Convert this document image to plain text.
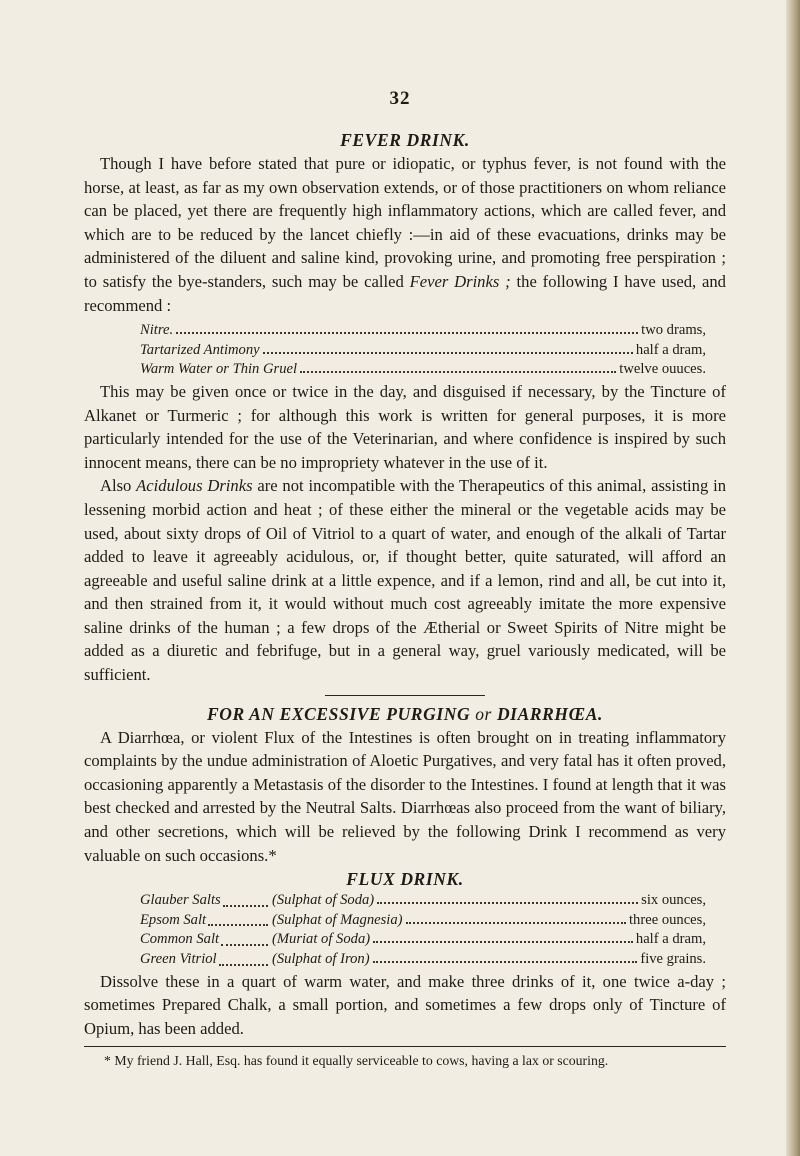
32
FEVER DRINK.

Though I have before stated that pure or idiopatic, or typhus fever, is not found with the horse, at least, as far as my own observation extends, or of those practitioners on whom reliance can be placed, yet there are frequently high inflammatory actions, which are called fever, and which are to be reduced by the lancet chiefly :—in aid of these evacuations, drinks may be administered of the diluent and saline kind, provoking urine, and promoting free perspiration ; to satisfy the bye-standers, such may be called Fever Drinks ; the following I have used, and recommend :

Nitre.	two drams,
Tartarized Antimony	half a dram,
Warm Water or Thin Gruel	twelve ouuces.

This may be given once or twice in the day, and disguised if necessary, by the Tincture of Alkanet or Turmeric ; for although this work is written for general purposes, it is more particularly intended for the use of the Veterinarian, and where confidence is inspired by such innocent means, there can be no impropriety whatever in the use of it.

Also Acidulous Drinks are not incompatible with the Therapeutics of this animal, assisting in lessening morbid action and heat ; of these either the mineral or the vegetable acids may be used, about sixty drops of Oil of Vitriol to a quart of water, and enough of the alkali of Tartar added to leave it agreeably acidulous, or, if thought better, quite saturated, will afford an agreeable and useful saline drink at a little expence, and if a lemon, rind and all, be cut into it, and then strained from it, it would without much cost agreeably imitate the more expensive saline drinks of the human ; a few drops of the Ætherial or Sweet Spirits of Nitre might be added as a diuretic and febrifuge, but in a general way, gruel variously medicated, will be sufficient.

FOR AN EXCESSIVE PURGING or DIARRHŒA.

A Diarrhœa, or violent Flux of the Intestines is often brought on in treating inflammatory complaints by the undue administration of Aloetic Purgatives, and very fatal has it often proved, occasioning apparently a Metastasis of the disorder to the Intestines. I found at length that it was best checked and arrested by the Neutral Salts. Diarrhœas also proceed from the want of biliary, and other secretions, which will be relieved by the following Drink I recommend as very valuable on such occasions.*

FLUX DRINK.
Glauber Salts	(Sulphat of Soda)	six ounces,
Epsom Salt	(Sulphat of Magnesia)	three ounces,
Common Salt	(Muriat of Soda)	half a dram,
Green Vitriol	(Sulphat of Iron)	five grains.

Dissolve these in a quart of warm water, and make three drinks of it, one twice a-day ; sometimes Prepared Chalk, a small portion, and sometimes a few drops only of Tincture of Opium, has been added.

* My friend J. Hall, Esq. has found it equally serviceable to cows, having a lax or scouring.
